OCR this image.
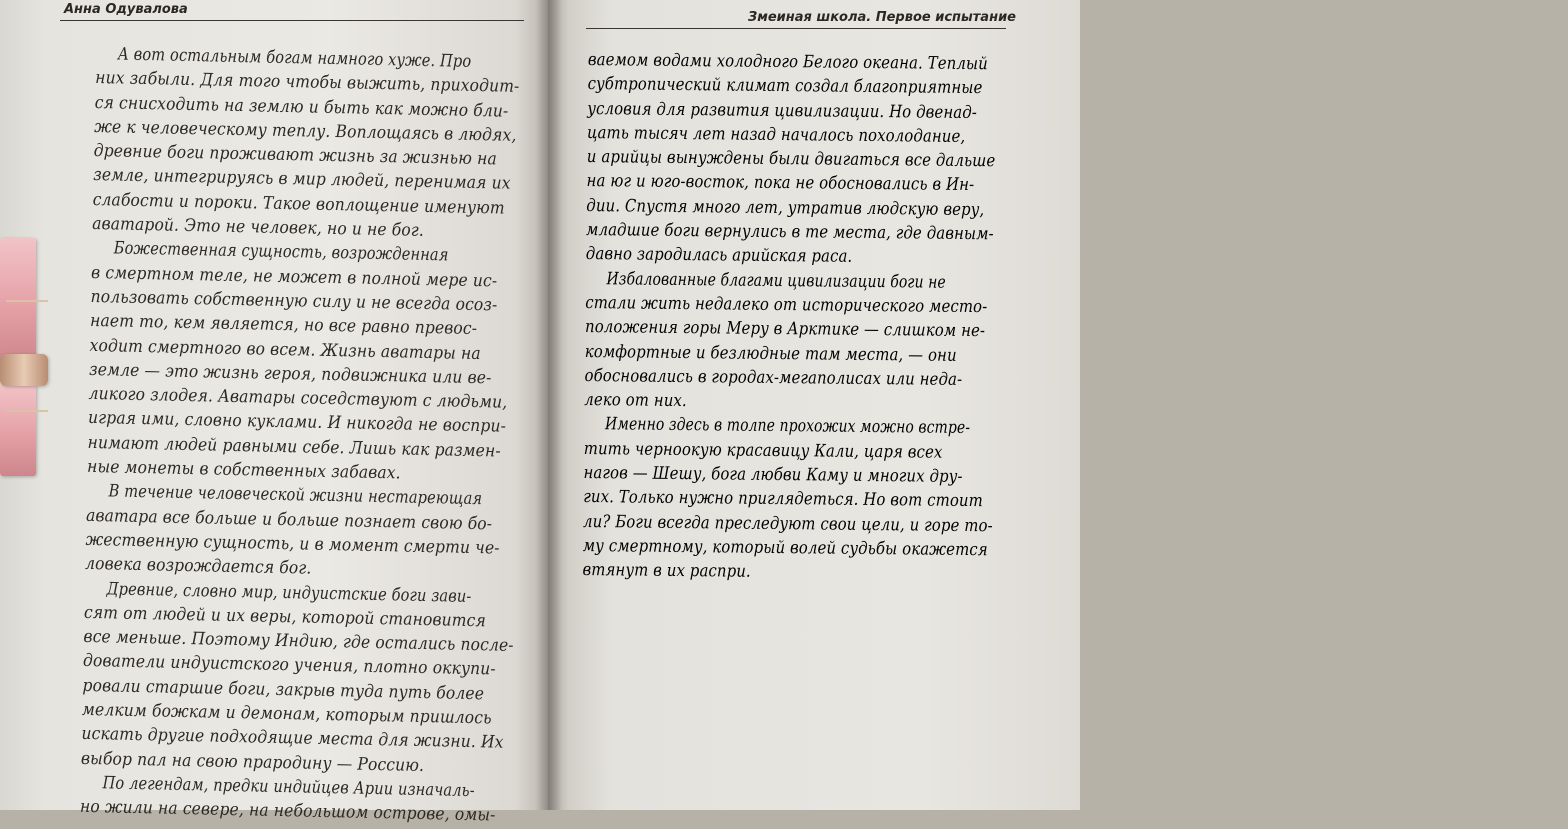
Анна Одувалова
А вот остальным богам намного хуже. Про
них забыли. Для того чтобы выжить, приходит-
ся снисходить на землю и быть как можно бли-
же к человеческому теплу. Воплощаясь в людях,
древние боги проживают жизнь за жизнью на
земле, интегрируясь в мир людей, перенимая их
слабости и пороки. Такое воплощение именуют
аватарой. Это не человек, но и не бог.
Божественная сущность, возрожденная
в смертном теле, не может в полной мере ис-
пользовать собственную силу и не всегда осоз-
нает то, кем является, но все равно превос-
ходит смертного во всем. Жизнь аватары на
земле — это жизнь героя, подвижника или ве-
ликого злодея. Аватары соседствуют с людьми,
играя ими, словно куклами. И никогда не воспри-
нимают людей равными себе. Лишь как размен-
ные монеты в собственных забавах.
В течение человеческой жизни нестареющая
аватара все больше и больше познает свою бо-
жественную сущность, и в момент смерти че-
ловека возрождается бог.
Древние, словно мир, индуистские боги зави-
сят от людей и их веры, которой становится
все меньше. Поэтому Индию, где остались после-
дователи индуистского учения, плотно оккупи-
ровали старшие боги, закрыв туда путь более
мелким божкам и демонам, которым пришлось
искать другие подходящие места для жизни. Их
выбор пал на свою прародину — Россию.
По легендам, предки индийцев Арии изначаль-
но жили на севере, на небольшом острове, омы-
Змеиная школа. Первое испытание
ваемом водами холодного Белого океана. Теплый
субтропический климат создал благоприятные
условия для развития цивилизации. Но двенад-
цать тысяч лет назад началось похолодание,
и арийцы вынуждены были двигаться все дальше
на юг и юго-восток, пока не обосновались в Ин-
дии. Спустя много лет, утратив людскую веру,
младшие боги вернулись в те места, где давным-
давно зародилась арийская раса.
Избалованные благами цивилизации боги не
стали жить недалеко от исторического место-
положения горы Меру в Арктике — слишком не-
комфортные и безлюдные там места, — они
обосновались в городах-мегаполисах или неда-
леко от них.
Именно здесь в толпе прохожих можно встре-
тить черноокую красавицу Кали, царя всех
нагов — Шешу, бога любви Каму и многих дру-
гих. Только нужно приглядеться. Но вот стоит
ли? Боги всегда преследуют свои цели, и горе то-
му смертному, который волей судьбы окажется
втянут в их распри.
